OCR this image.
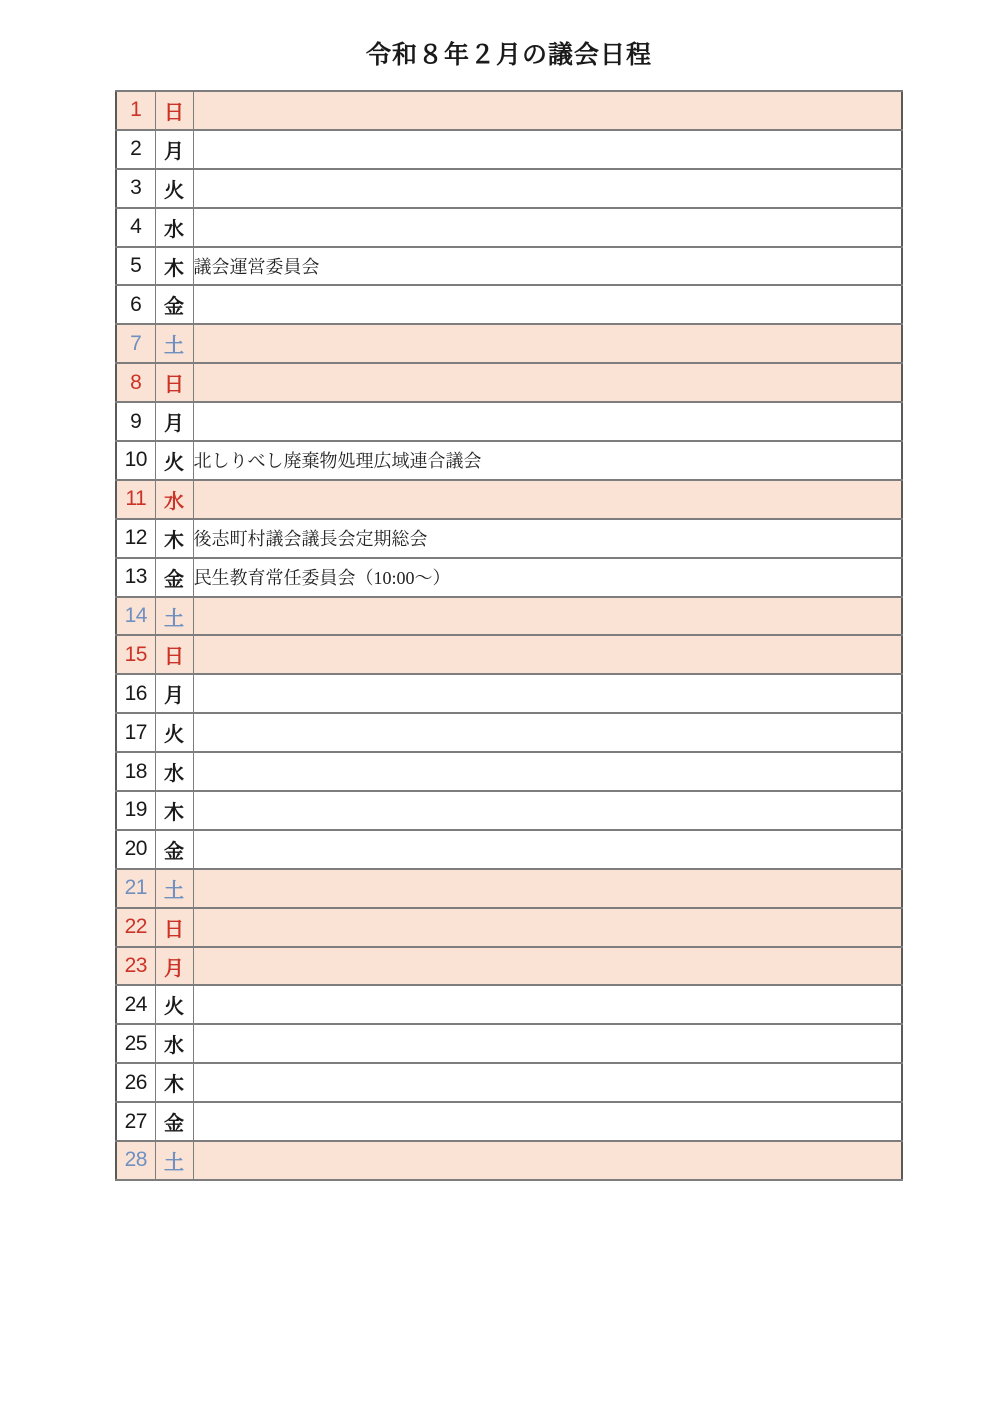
令和８年２月の議会日程
1	日	
2	月	
3	火	
4	水	
5	木	議会運営委員会
6	金	
7	土	
8	日	
9	月	
10	火	北しりべし廃棄物処理広域連合議会
11	水	
12	木	後志町村議会議長会定期総会
13	金	民生教育常任委員会（10:00～）
14	土	
15	日	
16	月	
17	火	
18	水	
19	木	
20	金	
21	土	
22	日	
23	月	
24	火	
25	水	
26	木	
27	金	
28	土	
